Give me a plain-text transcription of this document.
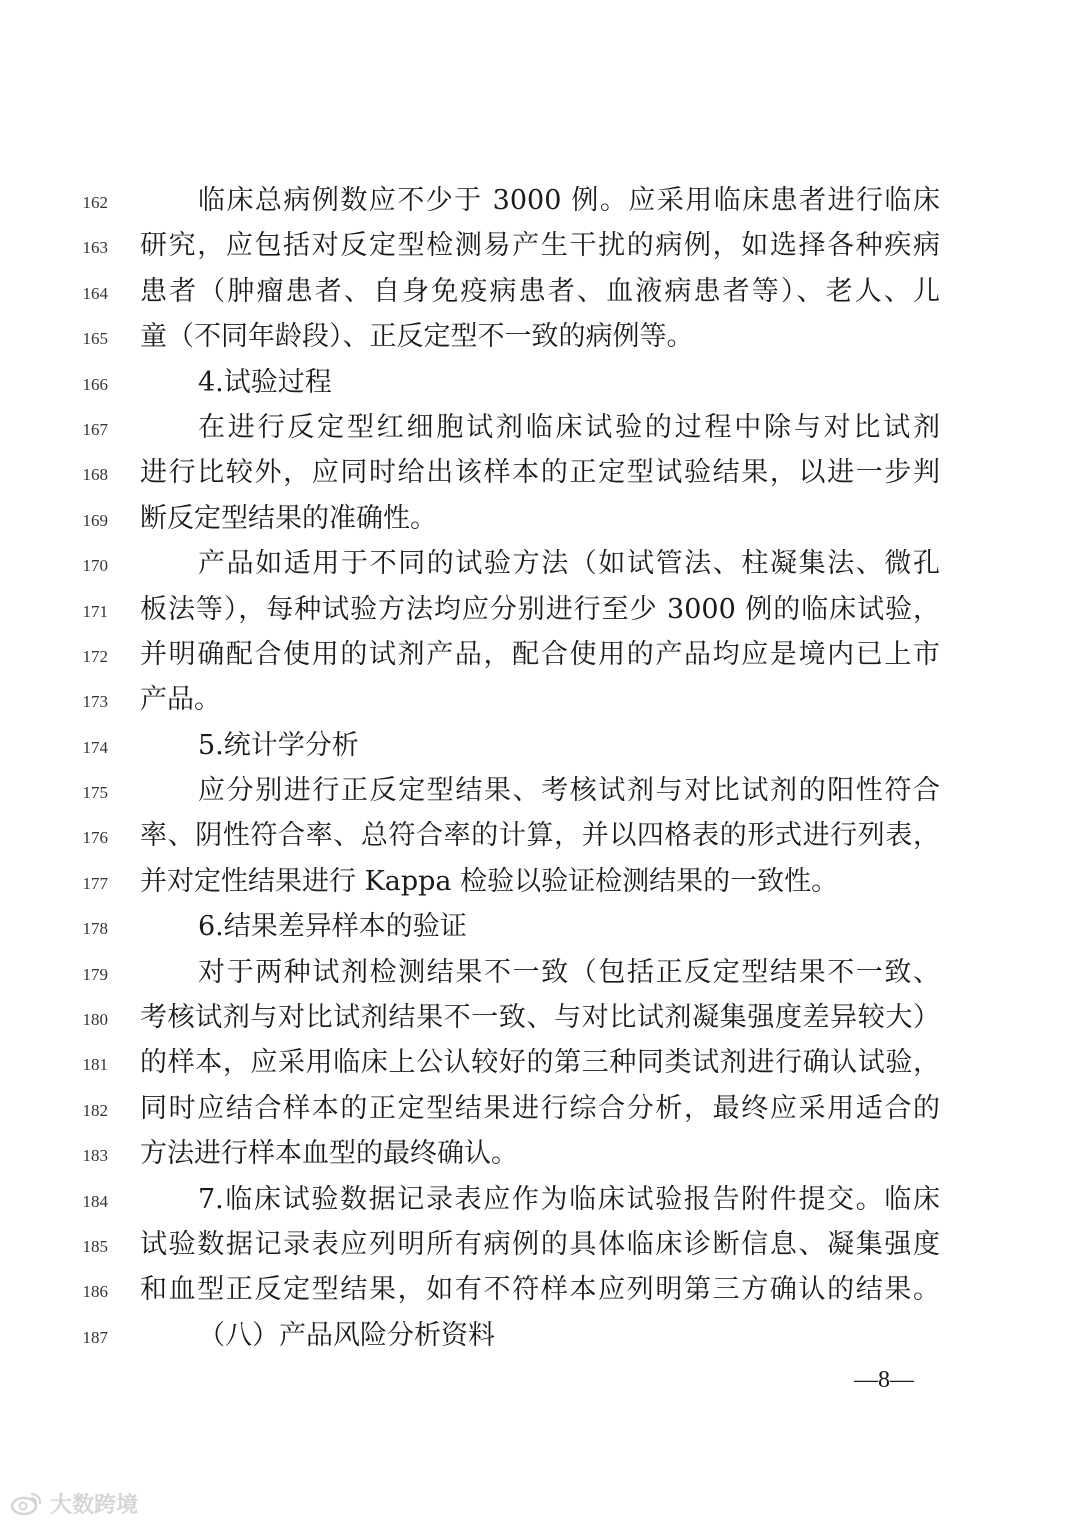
162	临床总病例数应不少于 3000 例。应采用临床患者进行临床
163 研究，应包括对反定型检测易产生干扰的病例，如选择各种疾病
164 患者（肿瘤患者、自身免疫病患者、血液病患者等）、老人、儿
165 童（不同年龄段）、正反定型不一致的病例等。
166	4.试验过程
167	在进行反定型红细胞试剂临床试验的过程中除与对比试剂
168 进行比较外，应同时给出该样本的正定型试验结果，以进一步判
169 断反定型结果的准确性。
170	产品如适用于不同的试验方法（如试管法、柱凝集法、微孔
171 板法等），每种试验方法均应分别进行至少 3000 例的临床试验，
172 并明确配合使用的试剂产品，配合使用的产品均应是境内已上市
173 产品。
174	5.统计学分析
175	应分别进行正反定型结果、考核试剂与对比试剂的阳性符合
176 率、阴性符合率、总符合率的计算，并以四格表的形式进行列表，
177 并对定性结果进行 Kappa 检验以验证检测结果的一致性。
178	6.结果差异样本的验证
179	对于两种试剂检测结果不一致（包括正反定型结果不一致、
180 考核试剂与对比试剂结果不一致、与对比试剂凝集强度差异较大）
181 的样本，应采用临床上公认较好的第三种同类试剂进行确认试验，
182 同时应结合样本的正定型结果进行综合分析，最终应采用适合的
183 方法进行样本血型的最终确认。
184	7.临床试验数据记录表应作为临床试验报告附件提交。临床
185 试验数据记录表应列明所有病例的具体临床诊断信息、凝集强度
186 和血型正反定型结果，如有不符样本应列明第三方确认的结果。
187	（八）产品风险分析资料
—8—
大数跨境
